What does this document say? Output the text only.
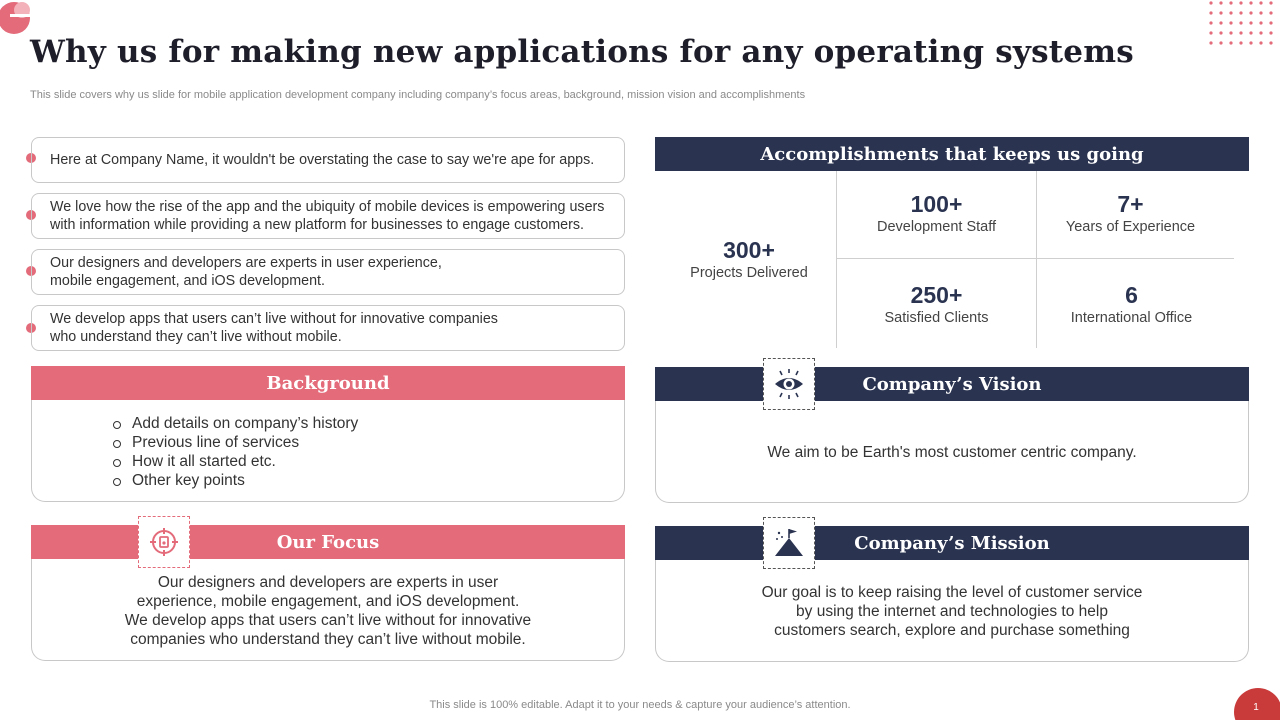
Why us for making new applications for any operating systems

This slide covers why us slide for mobile application development company including company’s focus areas, background, mission vision and accomplishments

Here at Company Name, it wouldn't be overstating the case to say we're ape for apps.
We love how the rise of the app and the ubiquity of mobile devices is empowering users with information while providing a new platform for businesses to engage customers.
Our designers and developers are experts in user experience, mobile engagement, and iOS development.
We develop apps that users can’t live without for innovative companies who understand they can’t live without mobile.
Background
Add details on company’s history
Previous line of services
How it all started etc.
Other key points
Our Focus
Our designers and developers are experts in user
experience, mobile engagement, and iOS development.
We develop apps that users can’t live without for innovative
companies who understand they can’t live without mobile.
Accomplishments that keeps us going
300+
Projects Delivered
100+
Development Staff
7+
Years of Experience
250+
Satisfied Clients
6
International Office
Company’s Vision
We aim to be Earth's most customer centric company.
Company’s Mission
Our goal is to keep raising the level of customer service
by using the internet and technologies to help
customers search, explore and purchase something
This slide is 100% editable. Adapt it to your needs & capture your audience’s attention.	1
